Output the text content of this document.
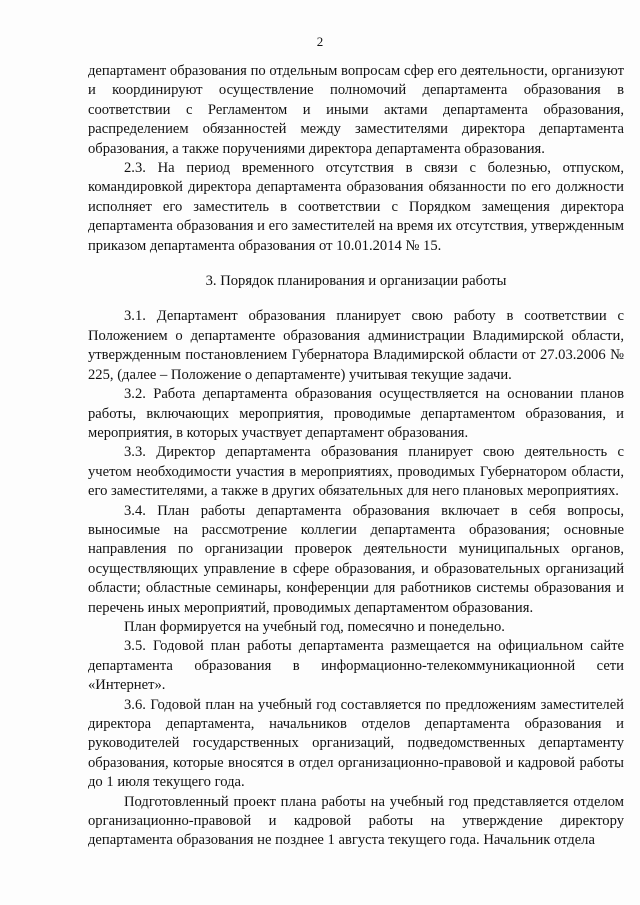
2

департамент образования по отдельным вопросам сфер его деятельности, организуют и координируют осуществление полномочий департамента образования в соответствии с Регламентом и иными актами департамента образования, распределением обязанностей между заместителями директора департамента образования, а также поручениями директора департамента образования.

2.3. На период временного отсутствия в связи с болезнью, отпуском, командировкой директора департамента образования обязанности по его должности исполняет его заместитель в соответствии с Порядком замещения директора департамента образования и его заместителей на время их отсутствия, утвержденным приказом департамента образования от 10.01.2014 № 15.

3. Порядок планирования и организации работы

3.1. Департамент образования планирует свою работу в соответствии с Положением о департаменте образования администрации Владимирской области, утвержденным постановлением Губернатора Владимирской области от 27.03.2006 № 225, (далее – Положение о департаменте) учитывая текущие задачи.

3.2. Работа департамента образования осуществляется на основании планов работы, включающих мероприятия, проводимые департаментом образования, и мероприятия, в которых участвует департамент образования.

3.3. Директор департамента образования планирует свою деятельность с учетом необходимости участия в мероприятиях, проводимых Губернатором области, его заместителями, а также в других обязательных для него плановых мероприятиях.

3.4. План работы департамента образования включает в себя вопросы, выносимые на рассмотрение коллегии департамента образования; основные направления по организации проверок деятельности муниципальных органов, осуществляющих управление в сфере образования, и образовательных организаций области; областные семинары, конференции для работников системы образования и перечень иных мероприятий, проводимых департаментом образования.

План формируется на учебный год, помесячно и понедельно.

3.5. Годовой план работы департамента размещается на официальном сайте департамента образования в информационно-телекоммуникационной сети «Интернет».

3.6. Годовой план на учебный год составляется по предложениям заместителей директора департамента, начальников отделов департамента образования и руководителей государственных организаций, подведомственных департаменту образования, которые вносятся в отдел организационно-правовой и кадровой работы до 1 июля текущего года.

Подготовленный проект плана работы на учебный год представляется отделом организационно-правовой и кадровой работы на утверждение директору департамента образования не позднее 1 августа текущего года. Начальник отдела
